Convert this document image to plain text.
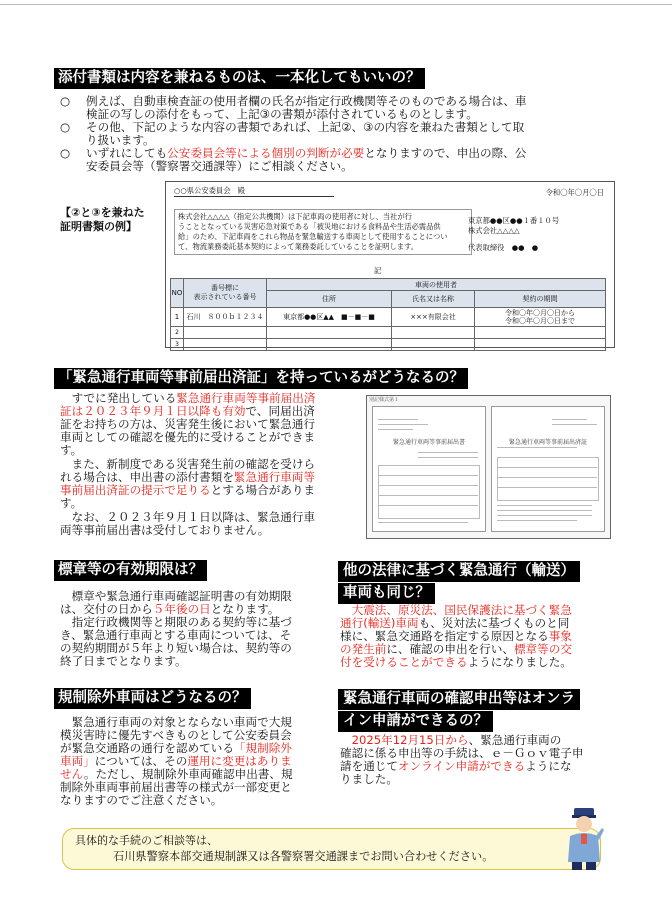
添付書類は内容を兼ねるものは、一本化してもいいの？
○ 例えば、自動車検査証の使用者欄の氏名が指定行政機関等そのものである場合は、車
検証の写しの添付をもって、上記③の書類が添付されているものとします。
○ その他、下記のような内容の書類であれば、上記②、③の内容を兼ねた書類として取
り扱います。
○ いずれにしても公安委員会等による個別の判断が必要となりますので、申出の際、公
安委員会等（警察署交通課等）にご相談ください。
【②と③を兼ねた
証明書類の例】
○○県公安委員会　殿	令和〇年〇月〇日
株式会社△△△△（指定公共機関）は下記車両の使用者に対し、当社が行
うこととなっている災害応急対策である「被災地における食料品や生活必需品供
給」のため、下記車両をこれら物品を緊急輸送する車両として使用することについ
て、物流業務委託基本契約によって業務委託していることを証明します。
東京都●●区●●１番１０号
株式会社△△△△
代表取締役　●●　●
記
NO	番号標に
表示されている番号	車両の使用者		
		住所	氏名又は名称	契約の期間
1	石川　８００ｂ１２３４	東京都●●区▲▲　■－■－■	×××有限会社	令和〇年〇月〇日から
令和〇年〇月〇日まで

2				
3				
「緊急通行車両等事前届出済証」を持っているがどうなるの？
　すでに発出している緊急通行車両等事前届出済
証は２０２３年９月１日以降も有効で、同届出済
証をお持ちの方は、災害発生後において緊急通行
車両としての確認を優先的に受けることができま
す。
　また、新制度である災害発生前の確認を受けら
れる場合は、申出書の添付書類を緊急通行車両等
事前届出済証の提示で足りるとする場合がありま
す。
　なお、２０２３年９月１日以降は、緊急通行車
両等事前届出書は受付しておりません。
別記様式第１
緊急通行車両等事前届出書	緊急通行車両等事前届出済証
標章等の有効期限は？
　標章や緊急通行車両確認証明書の有効期限
は、交付の日から５年後の日となります。
　指定行政機関等と期限のある契約等に基づ
き、緊急通行車両とする車両については、そ
の契約期間が５年より短い場合は、契約等の
終了日までとなります。
他の法律に基づく緊急通行（輸送）
車両も同じ？
　大震法、原災法、国民保護法に基づく緊急
通行(輸送)車両も、災対法に基づくものと同
様に、緊急交通路を指定する原因となる事象
の発生前に、確認の申出を行い、標章等の交
付を受けることができるようになりました。
規制除外車両はどうなるの？
　緊急通行車両の対象とならない車両で大規
模災害時に優先すべきものとして公安委員会
が緊急交通路の通行を認めている「規制除外
車両」については、その運用に変更はありま
せん。ただし、規制除外車両確認申出書、規
制除外車両事前届出書等の様式が一部変更と
なりますのでご注意ください。
緊急通行車両の確認申出等はオンラ
イン申請ができるの？
　2025年12月15日から、緊急通行車両の
確認に係る申出等の手続は、ｅ－Ｇｏｖ電子申
請を通じてオンライン申請ができるようにな
りました。
具体的な手続のご相談等は、
石川県警察本部交通規制課又は各警察署交通課までお問い合わせください。
